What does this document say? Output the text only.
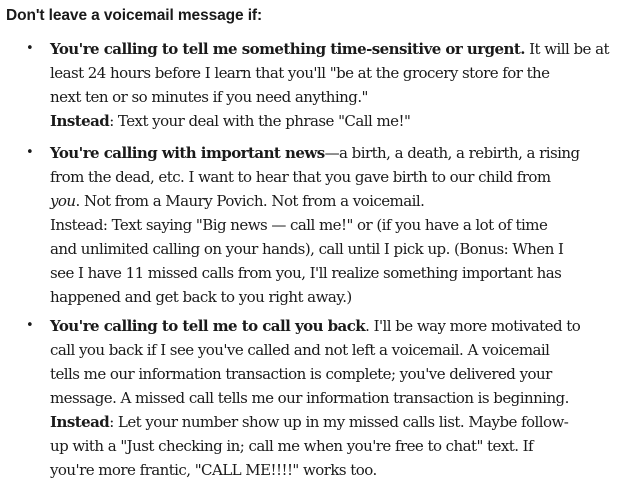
Don't leave a voicemail message if:
• You're calling to tell me something time-sensitive or urgent. It will be at
least 24 hours before I learn that you'll "be at the grocery store for the
next ten or so minutes if you need anything."
Instead: Text your deal with the phrase "Call me!"
• You're calling with important news—a birth, a death, a rebirth, a rising
from the dead, etc. I want to hear that you gave birth to our child from
you. Not from a Maury Povich. Not from a voicemail.
Instead: Text saying "Big news — call me!" or (if you have a lot of time
and unlimited calling on your hands), call until I pick up. (Bonus: When I
see I have 11 missed calls from you, I'll realize something important has
happened and get back to you right away.)
• You're calling to tell me to call you back. I'll be way more motivated to
call you back if I see you've called and not left a voicemail. A voicemail
tells me our information transaction is complete; you've delivered your
message. A missed call tells me our information transaction is beginning.
Instead: Let your number show up in my missed calls list. Maybe follow-
up with a "Just checking in; call me when you're free to chat" text. If
you're more frantic, "CALL ME!!!!" works too.
